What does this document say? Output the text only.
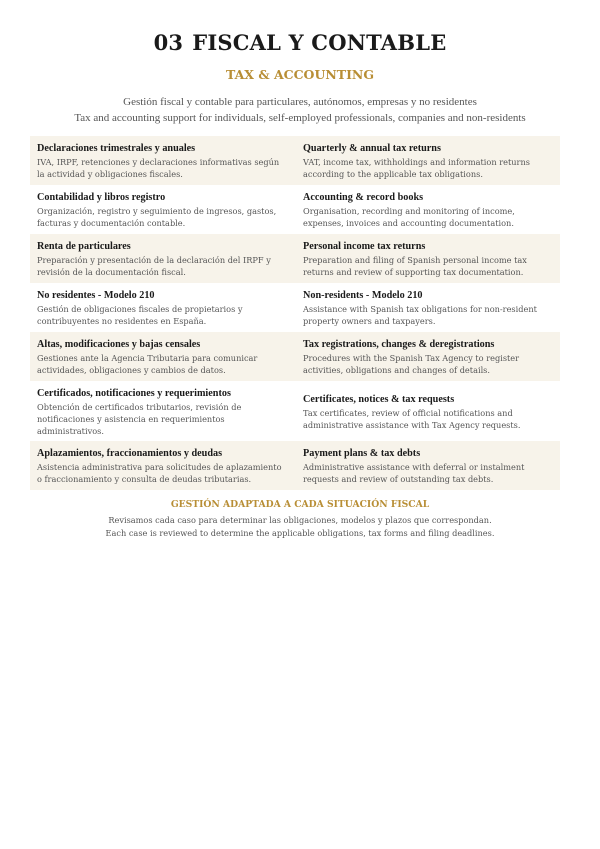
03 FISCAL Y CONTABLE
TAX & ACCOUNTING
Gestión fiscal y contable para particulares, autónomos, empresas y no residentes
Tax and accounting support for individuals, self-employed professionals, companies and non-residents
Declaraciones trimestrales y anuales
IVA, IRPF, retenciones y declaraciones informativas según la actividad y obligaciones fiscales.
Quarterly & annual tax returns
VAT, income tax, withholdings and information returns according to the applicable tax obligations.
Contabilidad y libros registro
Organización, registro y seguimiento de ingresos, gastos, facturas y documentación contable.
Accounting & record books
Organisation, recording and monitoring of income, expenses, invoices and accounting documentation.
Renta de particulares
Preparación y presentación de la declaración del IRPF y revisión de la documentación fiscal.
Personal income tax returns
Preparation and filing of Spanish personal income tax returns and review of supporting tax documentation.
No residentes - Modelo 210
Gestión de obligaciones fiscales de propietarios y contribuyentes no residentes en España.
Non-residents - Modelo 210
Assistance with Spanish tax obligations for non-resident property owners and taxpayers.
Altas, modificaciones y bajas censales
Gestiones ante la Agencia Tributaria para comunicar actividades, obligaciones y cambios de datos.
Tax registrations, changes & deregistrations
Procedures with the Spanish Tax Agency to register activities, obligations and changes of details.
Certificados, notificaciones y requerimientos
Obtención de certificados tributarios, revisión de notificaciones y asistencia en requerimientos administrativos.
Certificates, notices & tax requests
Tax certificates, review of official notifications and administrative assistance with Tax Agency requests.
Aplazamientos, fraccionamientos y deudas
Asistencia administrativa para solicitudes de aplazamiento o fraccionamiento y consulta de deudas tributarias.
Payment plans & tax debts
Administrative assistance with deferral or instalment requests and review of outstanding tax debts.
GESTIÓN ADAPTADA A CADA SITUACIÓN FISCAL
Revisamos cada caso para determinar las obligaciones, modelos y plazos que correspondan.
Each case is reviewed to determine the applicable obligations, tax forms and filing deadlines.
